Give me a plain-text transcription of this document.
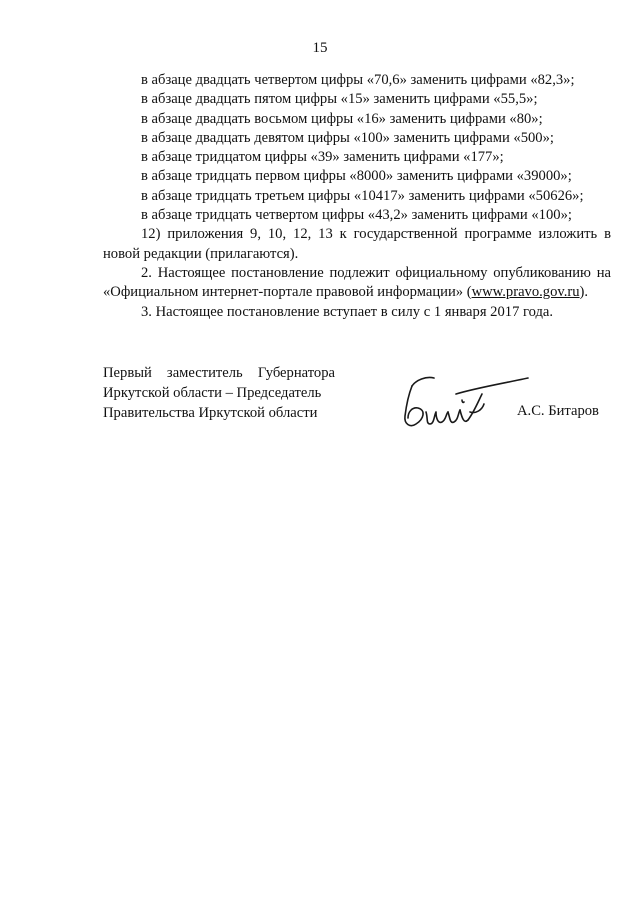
15

в абзаце двадцать четвертом цифры «70,6» заменить цифрами «82,3»;

в абзаце двадцать пятом цифры «15» заменить цифрами «55,5»;

в абзаце двадцать восьмом цифры «16» заменить цифрами «80»;

в абзаце двадцать девятом цифры «100» заменить цифрами «500»;

в абзаце тридцатом цифры «39» заменить цифрами «177»;

в абзаце тридцать первом цифры «8000» заменить цифрами «39000»;

в абзаце тридцать третьем цифры «10417» заменить цифрами «50626»;

в абзаце тридцать четвертом цифры «43,2» заменить цифрами «100»;

12) приложения 9, 10, 12, 13 к государственной программе изложить в новой редакции (прилагаются).

2. Настоящее постановление подлежит официальному опубликованию на «Официальном интернет-портале правовой информации» (www.pravo.gov.ru).

3. Настоящее постановление вступает в силу с 1 января 2017 года.

Первый заместитель Губернатора
Иркутской области – Председатель
Правительства Иркутской области	А.С. Битаров
